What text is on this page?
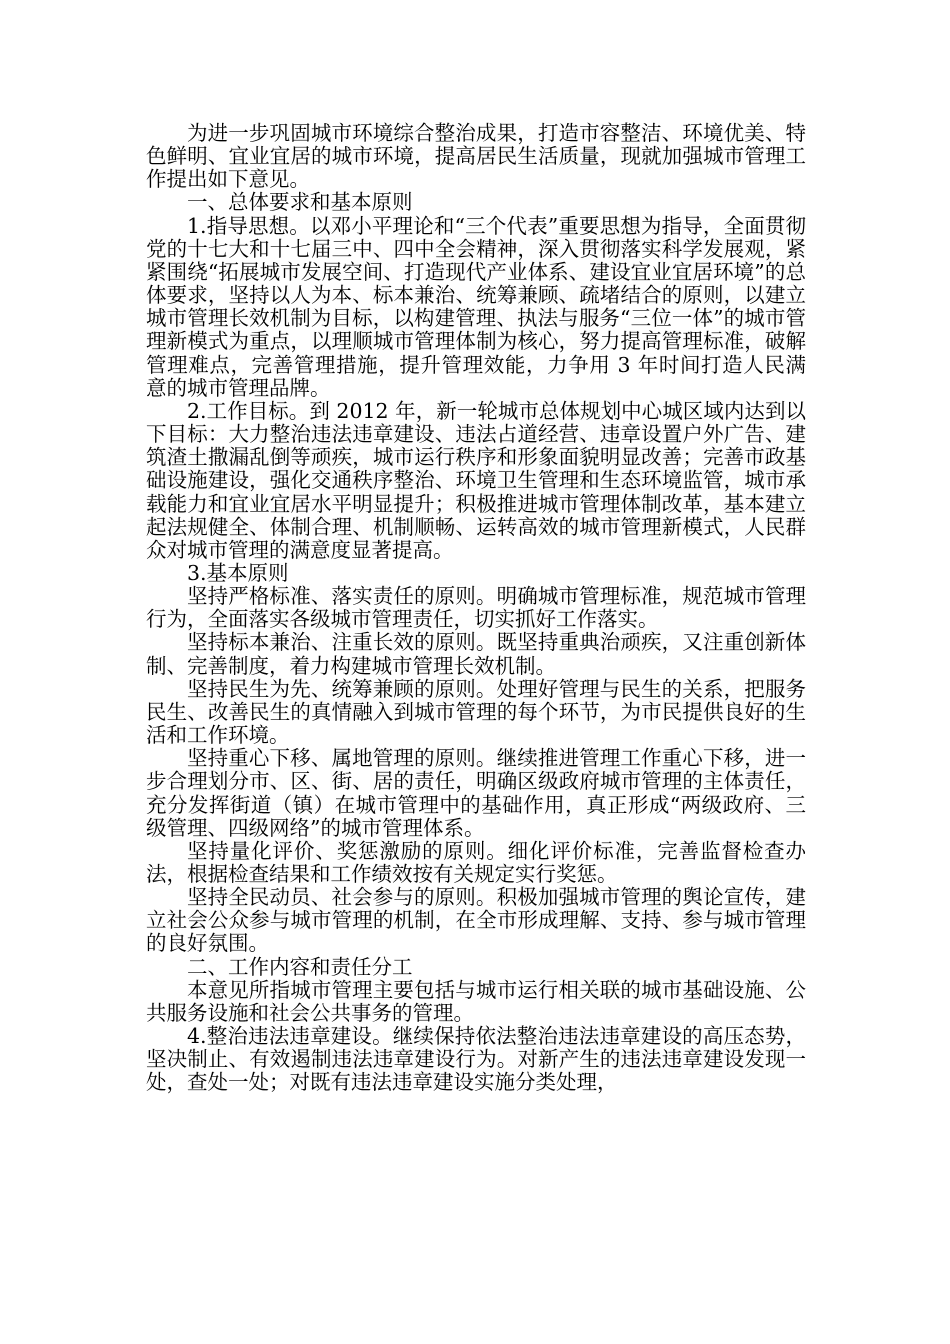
为进一步巩固城市环境综合整治成果，打造市容整洁、环境优美、特色鲜明、宜业宜居的城市环境，提高居民生活质量，现就加强城市管理工作提出如下意见。

一、总体要求和基本原则

1.指导思想。以邓小平理论和“三个代表”重要思想为指导，全面贯彻党的十七大和十七届三中、四中全会精神，深入贯彻落实科学发展观，紧紧围绕“拓展城市发展空间、打造现代产业体系、建设宜业宜居环境”的总体要求，坚持以人为本、标本兼治、统筹兼顾、疏堵结合的原则，以建立城市管理长效机制为目标，以构建管理、执法与服务“三位一体”的城市管理新模式为重点，以理顺城市管理体制为核心，努力提高管理标准，破解管理难点，完善管理措施，提升管理效能，力争用 3 年时间打造人民满意的城市管理品牌。

2.工作目标。到 2012 年，新一轮城市总体规划中心城区域内达到以下目标：大力整治违法违章建设、违法占道经营、违章设置户外广告、建筑渣土撒漏乱倒等顽疾，城市运行秩序和形象面貌明显改善；完善市政基础设施建设，强化交通秩序整治、环境卫生管理和生态环境监管，城市承载能力和宜业宜居水平明显提升；积极推进城市管理体制改革，基本建立起法规健全、体制合理、机制顺畅、运转高效的城市管理新模式，人民群众对城市管理的满意度显著提高。

3.基本原则

坚持严格标准、落实责任的原则。明确城市管理标准，规范城市管理行为，全面落实各级城市管理责任，切实抓好工作落实。

坚持标本兼治、注重长效的原则。既坚持重典治顽疾，又注重创新体制、完善制度，着力构建城市管理长效机制。

坚持民生为先、统筹兼顾的原则。处理好管理与民生的关系，把服务民生、改善民生的真情融入到城市管理的每个环节，为市民提供良好的生活和工作环境。

坚持重心下移、属地管理的原则。继续推进管理工作重心下移，进一步合理划分市、区、街、居的责任，明确区级政府城市管理的主体责任，充分发挥街道（镇）在城市管理中的基础作用，真正形成“两级政府、三级管理、四级网络”的城市管理体系。

坚持量化评价、奖惩激励的原则。细化评价标准，完善监督检查办法，根据检查结果和工作绩效按有关规定实行奖惩。

坚持全民动员、社会参与的原则。积极加强城市管理的舆论宣传，建立社会公众参与城市管理的机制，在全市形成理解、支持、参与城市管理的良好氛围。

二、工作内容和责任分工

本意见所指城市管理主要包括与城市运行相关联的城市基础设施、公共服务设施和社会公共事务的管理。

4.整治违法违章建设。继续保持依法整治违法违章建设的高压态势，坚决制止、有效遏制违法违章建设行为。对新产生的违法违章建设发现一处，查处一处；对既有违法违章建设实施分类处理，
